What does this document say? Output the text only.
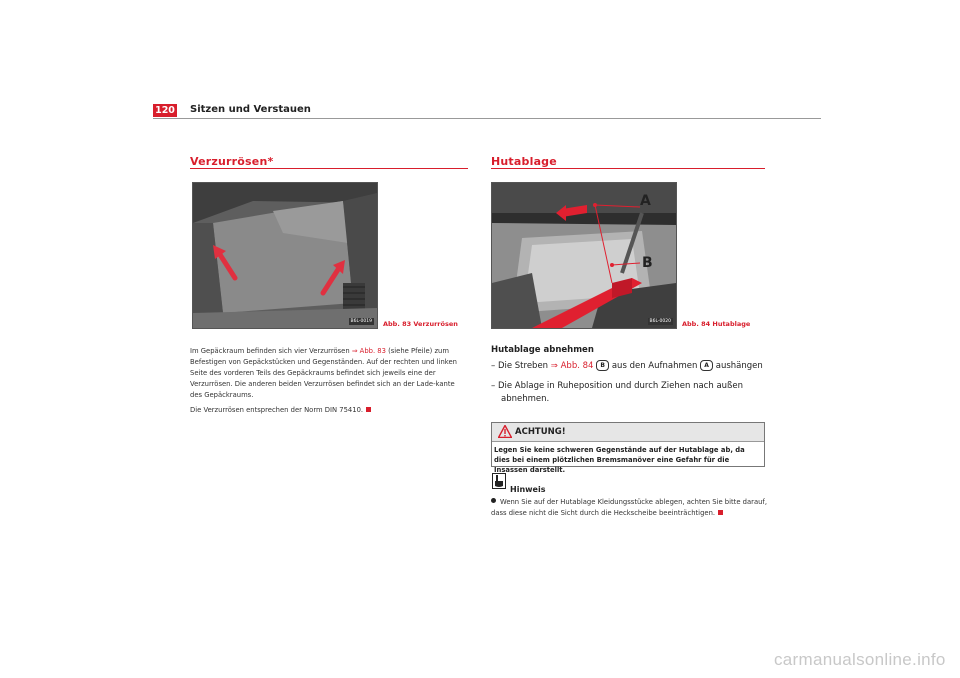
120 Sitzen und Verstauen
Verzurrösen*
B6L-0019	Abb. 83 Verzurrösen
Im Gepäckraum befinden sich vier Verzurrösen ⇒ Abb. 83 (siehe Pfeile) zum Befestigen von Gepäckstücken und Gegenständen. Auf der rechten und linken Seite des vorderen Teils des Gepäckraums befindet sich jeweils eine der Verzurrösen. Die anderen beiden Verzurrösen befindet sich an der Lade-kante des Gepäckraums.
Die Verzurrösen entsprechen der Norm DIN 75410.
Hutablage
A
B
B6L-0020	Abb. 84 Hutablage
Hutablage abnehmen
– Die Streben ⇒ Abb. 84 B aus den Aufnahmen A aushängen
– Die Ablage in Ruheposition und durch Ziehen nach außen abnehmen.
ACHTUNG!
Legen Sie keine schweren Gegenstände auf der Hutablage ab, da dies bei einem plötzlichen Bremsmanöver eine Gefahr für die Insassen darstellt.
Hinweis
Wenn Sie auf der Hutablage Kleidungsstücke ablegen, achten Sie bitte darauf, dass diese nicht die Sicht durch die Heckscheibe beeinträchtigen.
carmanualsonline.info
